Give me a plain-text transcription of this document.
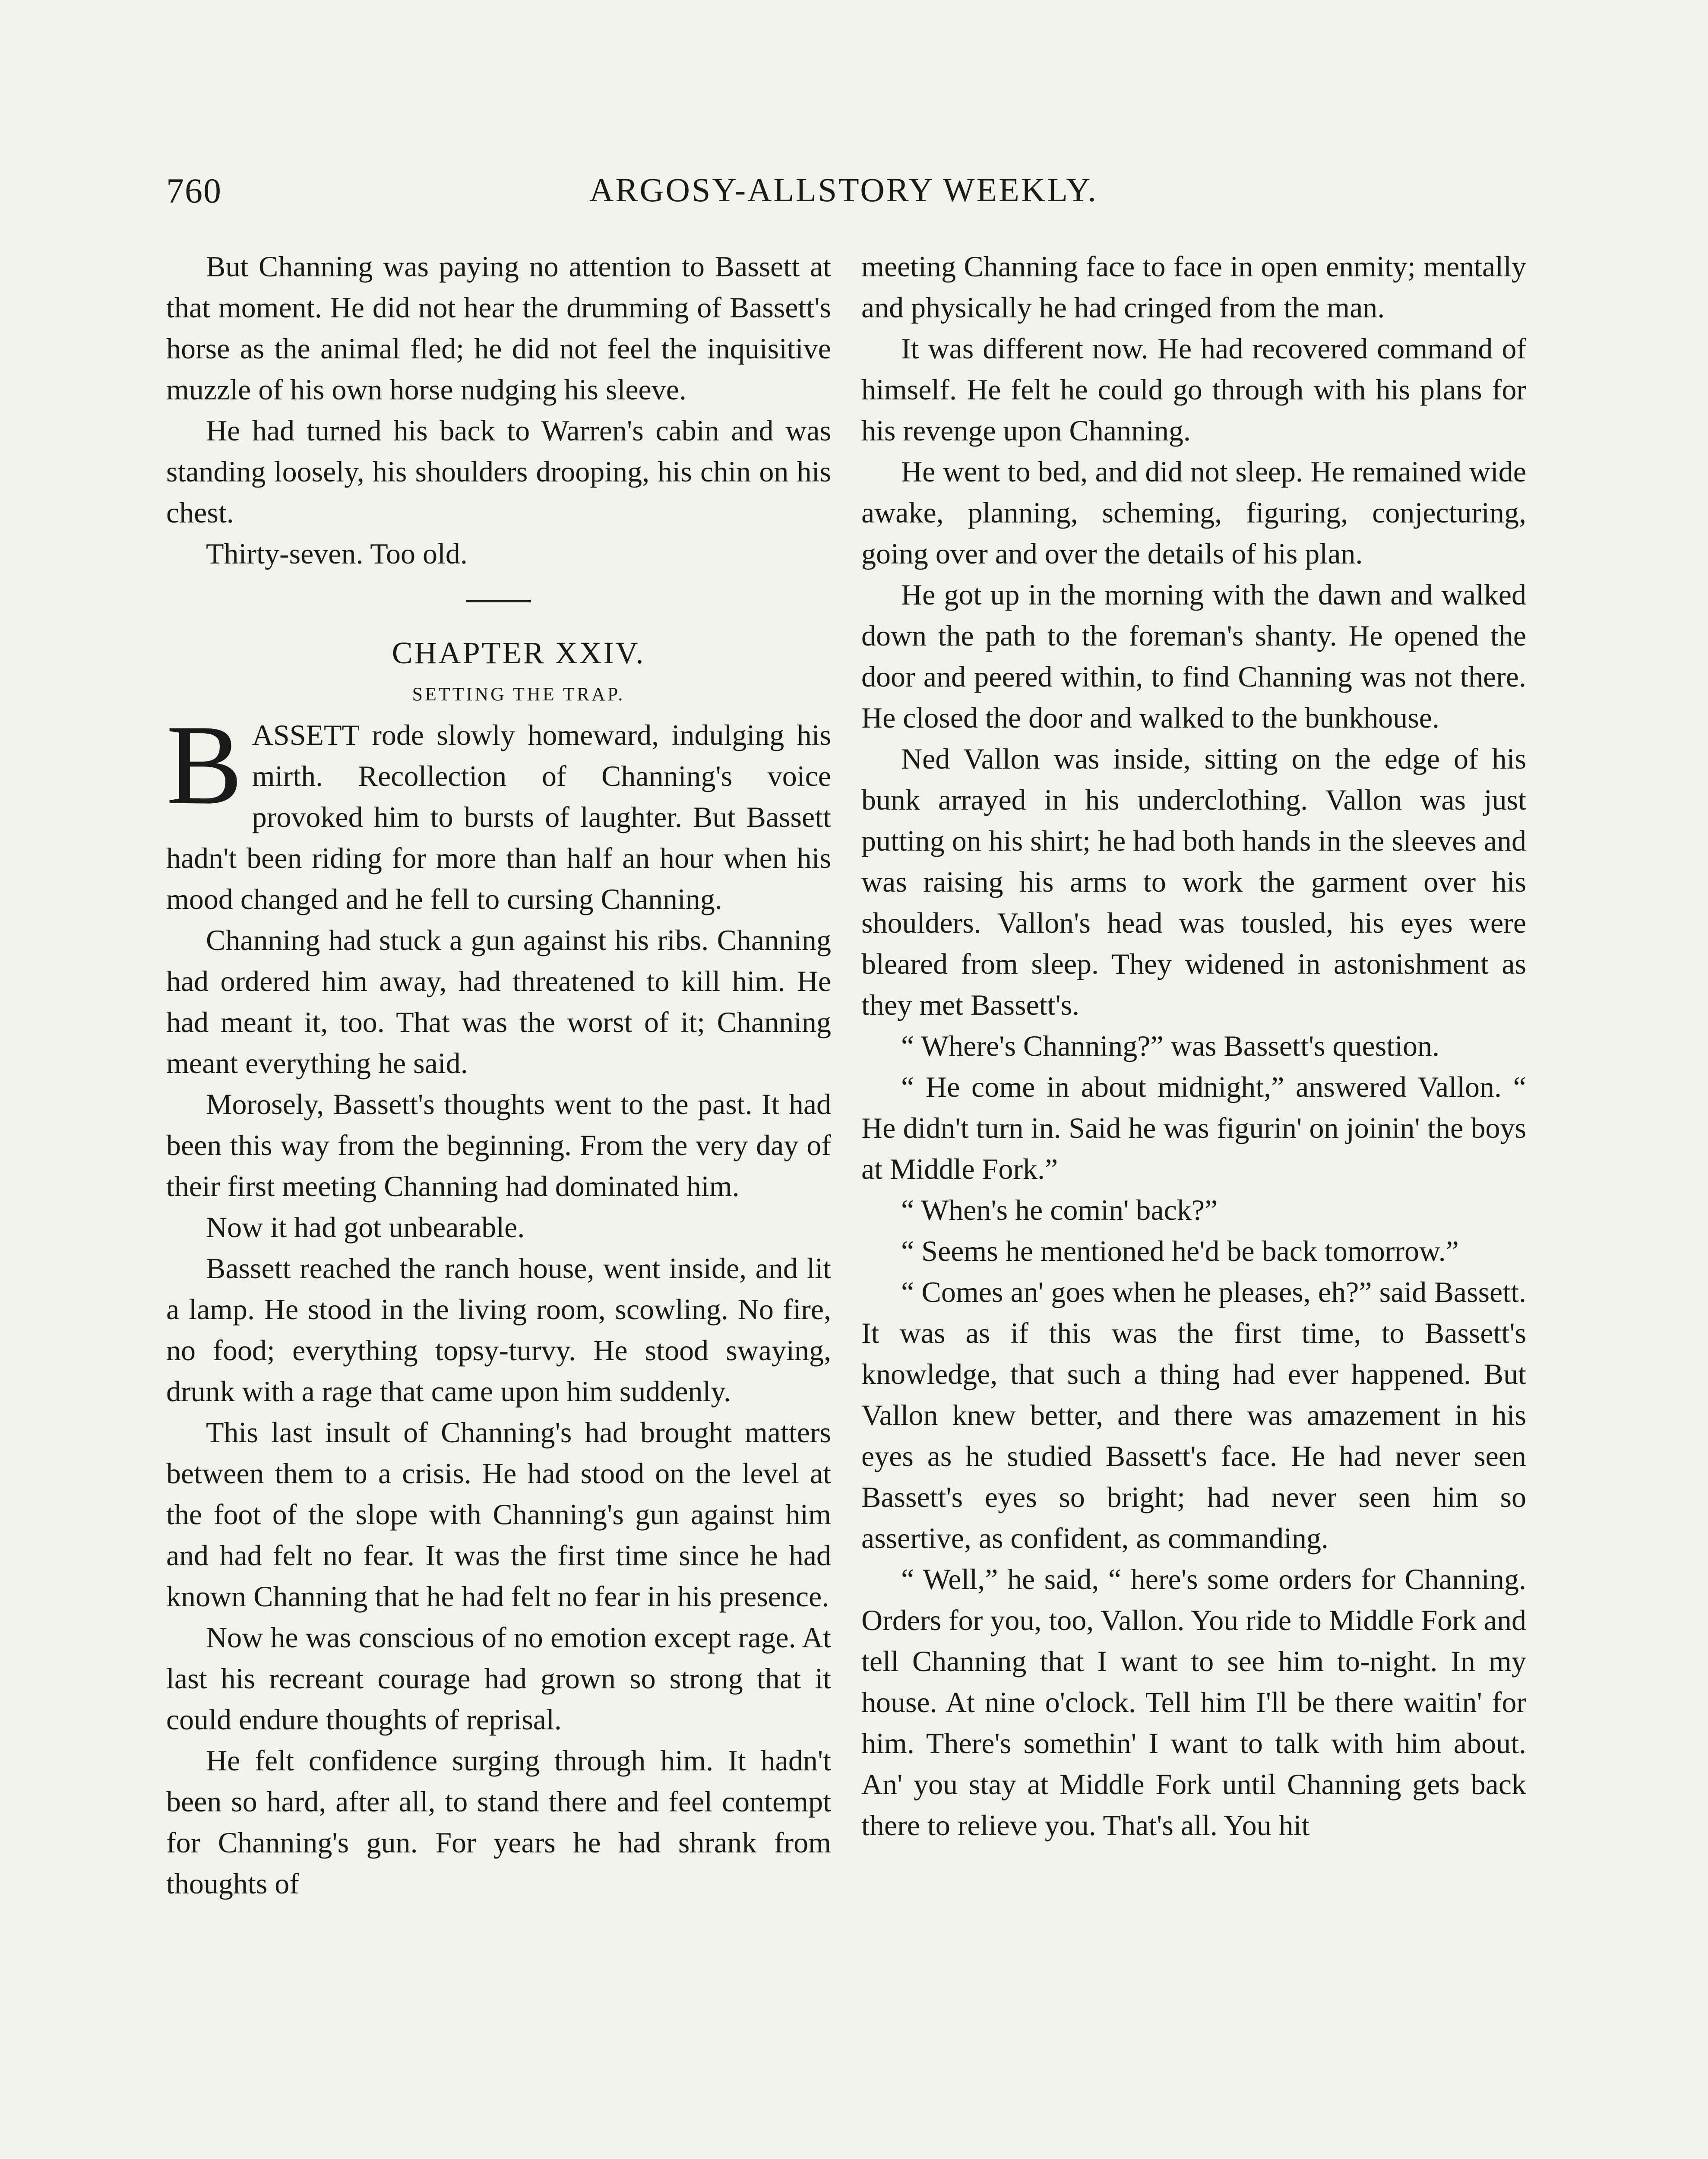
760	ARGOSY-ALLSTORY WEEKLY.

But Channing was paying no attention to Bassett at that moment. He did not hear the drumming of Bassett's horse as the animal fled; he did not feel the inquisitive muzzle of his own horse nudging his sleeve.

He had turned his back to Warren's cabin and was standing loosely, his shoulders drooping, his chin on his chest.

Thirty-seven. Too old.

CHAPTER XXIV.

SETTING THE TRAP.

BASSETT rode slowly homeward, indulging his mirth. Recollection of Channing's voice provoked him to bursts of laughter. But Bassett hadn't been riding for more than half an hour when his mood changed and he fell to cursing Channing.

Channing had stuck a gun against his ribs. Channing had ordered him away, had threatened to kill him. He had meant it, too. That was the worst of it; Channing meant everything he said.

Morosely, Bassett's thoughts went to the past. It had been this way from the beginning. From the very day of their first meeting Channing had dominated him.

Now it had got unbearable.

Bassett reached the ranch house, went inside, and lit a lamp. He stood in the living room, scowling. No fire, no food; everything topsy-turvy. He stood swaying, drunk with a rage that came upon him suddenly.

This last insult of Channing's had brought matters between them to a crisis. He had stood on the level at the foot of the slope with Channing's gun against him and had felt no fear. It was the first time since he had known Channing that he had felt no fear in his presence.

Now he was conscious of no emotion except rage. At last his recreant courage had grown so strong that it could endure thoughts of reprisal.

He felt confidence surging through him. It hadn't been so hard, after all, to stand there and feel contempt for Channing's gun. For years he had shrank from thoughts of

meeting Channing face to face in open enmity; mentally and physically he had cringed from the man.

It was different now. He had recovered command of himself. He felt he could go through with his plans for his revenge upon Channing.

He went to bed, and did not sleep. He remained wide awake, planning, scheming, figuring, conjecturing, going over and over the details of his plan.

He got up in the morning with the dawn and walked down the path to the foreman's shanty. He opened the door and peered within, to find Channing was not there. He closed the door and walked to the bunkhouse.

Ned Vallon was inside, sitting on the edge of his bunk arrayed in his underclothing. Vallon was just putting on his shirt; he had both hands in the sleeves and was raising his arms to work the garment over his shoulders. Vallon's head was tousled, his eyes were bleared from sleep. They widened in astonishment as they met Bassett's.

“ Where's Channing?” was Bassett's question.

“ He come in about midnight,” answered Vallon. “ He didn't turn in. Said he was figurin' on joinin' the boys at Middle Fork.”

“ When's he comin' back?”

“ Seems he mentioned he'd be back tomorrow.”

“ Comes an' goes when he pleases, eh?” said Bassett. It was as if this was the first time, to Bassett's knowledge, that such a thing had ever happened. But Vallon knew better, and there was amazement in his eyes as he studied Bassett's face. He had never seen Bassett's eyes so bright; had never seen him so assertive, as confident, as commanding.

“ Well,” he said, “ here's some orders for Channing. Orders for you, too, Vallon. You ride to Middle Fork and tell Channing that I want to see him to-night. In my house. At nine o'clock. Tell him I'll be there waitin' for him. There's somethin' I want to talk with him about. An' you stay at Middle Fork until Channing gets back there to relieve you. That's all. You hit
